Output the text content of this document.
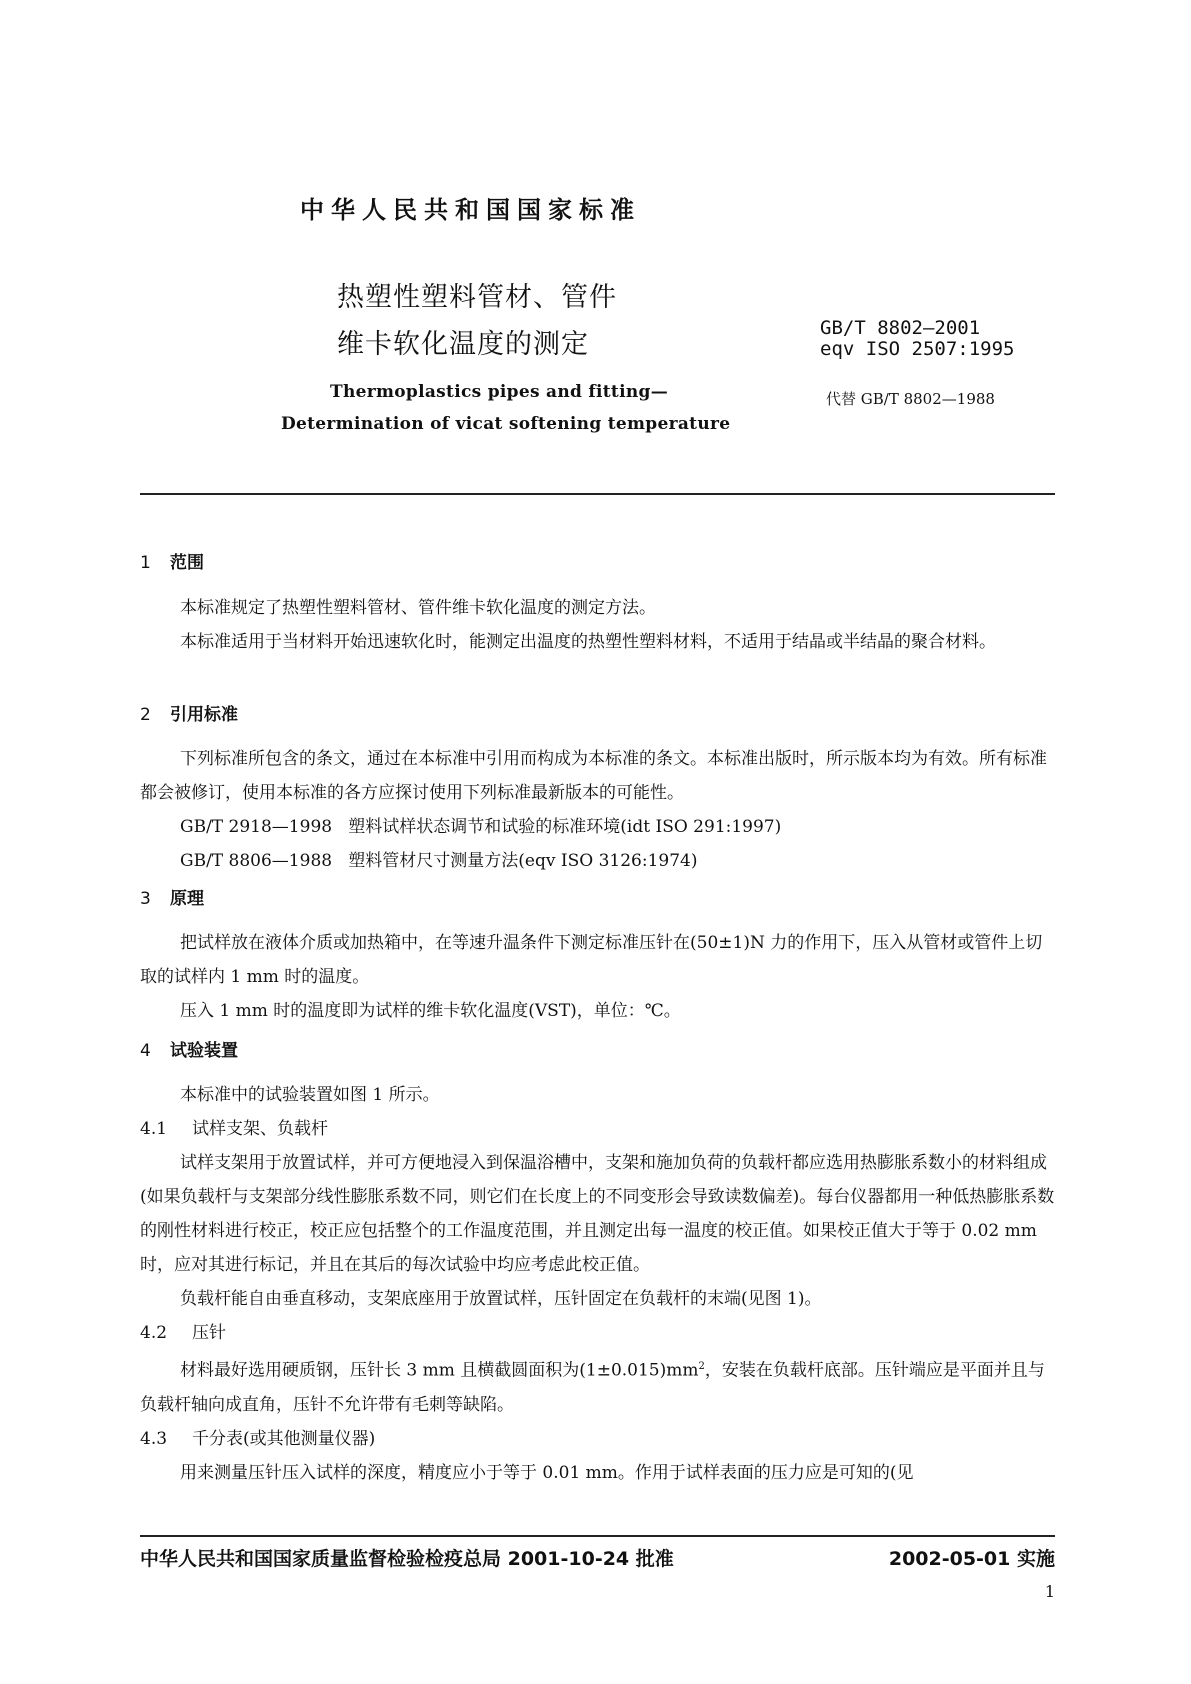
中华人民共和国国家标准
热塑性塑料管材、管件
维卡软化温度的测定
GB/T 8802—2001
eqv ISO 2507:1995
Thermoplastics pipes and fitting—
Determination of vicat softening temperature
代替 GB/T 8802—1988
1 范围
本标准规定了热塑性塑料管材、管件维卡软化温度的测定方法。
本标准适用于当材料开始迅速软化时，能测定出温度的热塑性塑料材料，不适用于结晶或半结晶的聚合材料。
2 引用标准
下列标准所包含的条文，通过在本标准中引用而构成为本标准的条文。本标准出版时，所示版本均为有效。所有标准都会被修订，使用本标准的各方应探讨使用下列标准最新版本的可能性。
GB/T 2918—1998 塑料试样状态调节和试验的标准环境(idt ISO 291:1997)
GB/T 8806—1988 塑料管材尺寸测量方法(eqv ISO 3126:1974)
3 原理
把试样放在液体介质或加热箱中，在等速升温条件下测定标准压针在(50±1)N 力的作用下，压入从管材或管件上切取的试样内 1 mm 时的温度。
压入 1 mm 时的温度即为试样的维卡软化温度(VST)，单位：℃。
4 试验装置
本标准中的试验装置如图 1 所示。
4.1 试样支架、负载杆
试样支架用于放置试样，并可方便地浸入到保温浴槽中，支架和施加负荷的负载杆都应选用热膨胀系数小的材料组成(如果负载杆与支架部分线性膨胀系数不同，则它们在长度上的不同变形会导致读数偏差)。每台仪器都用一种低热膨胀系数的刚性材料进行校正，校正应包括整个的工作温度范围，并且测定出每一温度的校正值。如果校正值大于等于 0.02 mm 时，应对其进行标记，并且在其后的每次试验中均应考虑此校正值。
负载杆能自由垂直移动，支架底座用于放置试样，压针固定在负载杆的末端(见图 1)。
4.2 压针
材料最好选用硬质钢，压针长 3 mm 且横截圆面积为$(1\pm 0.015)mm^2$，安装在负载杆底部。压针端应是平面并且与负载杆轴向成直角，压针不允许带有毛刺等缺陷。
4.3 千分表(或其他测量仪器)
用来测量压针压入试样的深度，精度应小于等于 0.01 mm。作用于试样表面的压力应是可知的(见
中华人民共和国国家质量监督检验检疫总局 2001-10-24 批准	2002-05-01 实施
1
